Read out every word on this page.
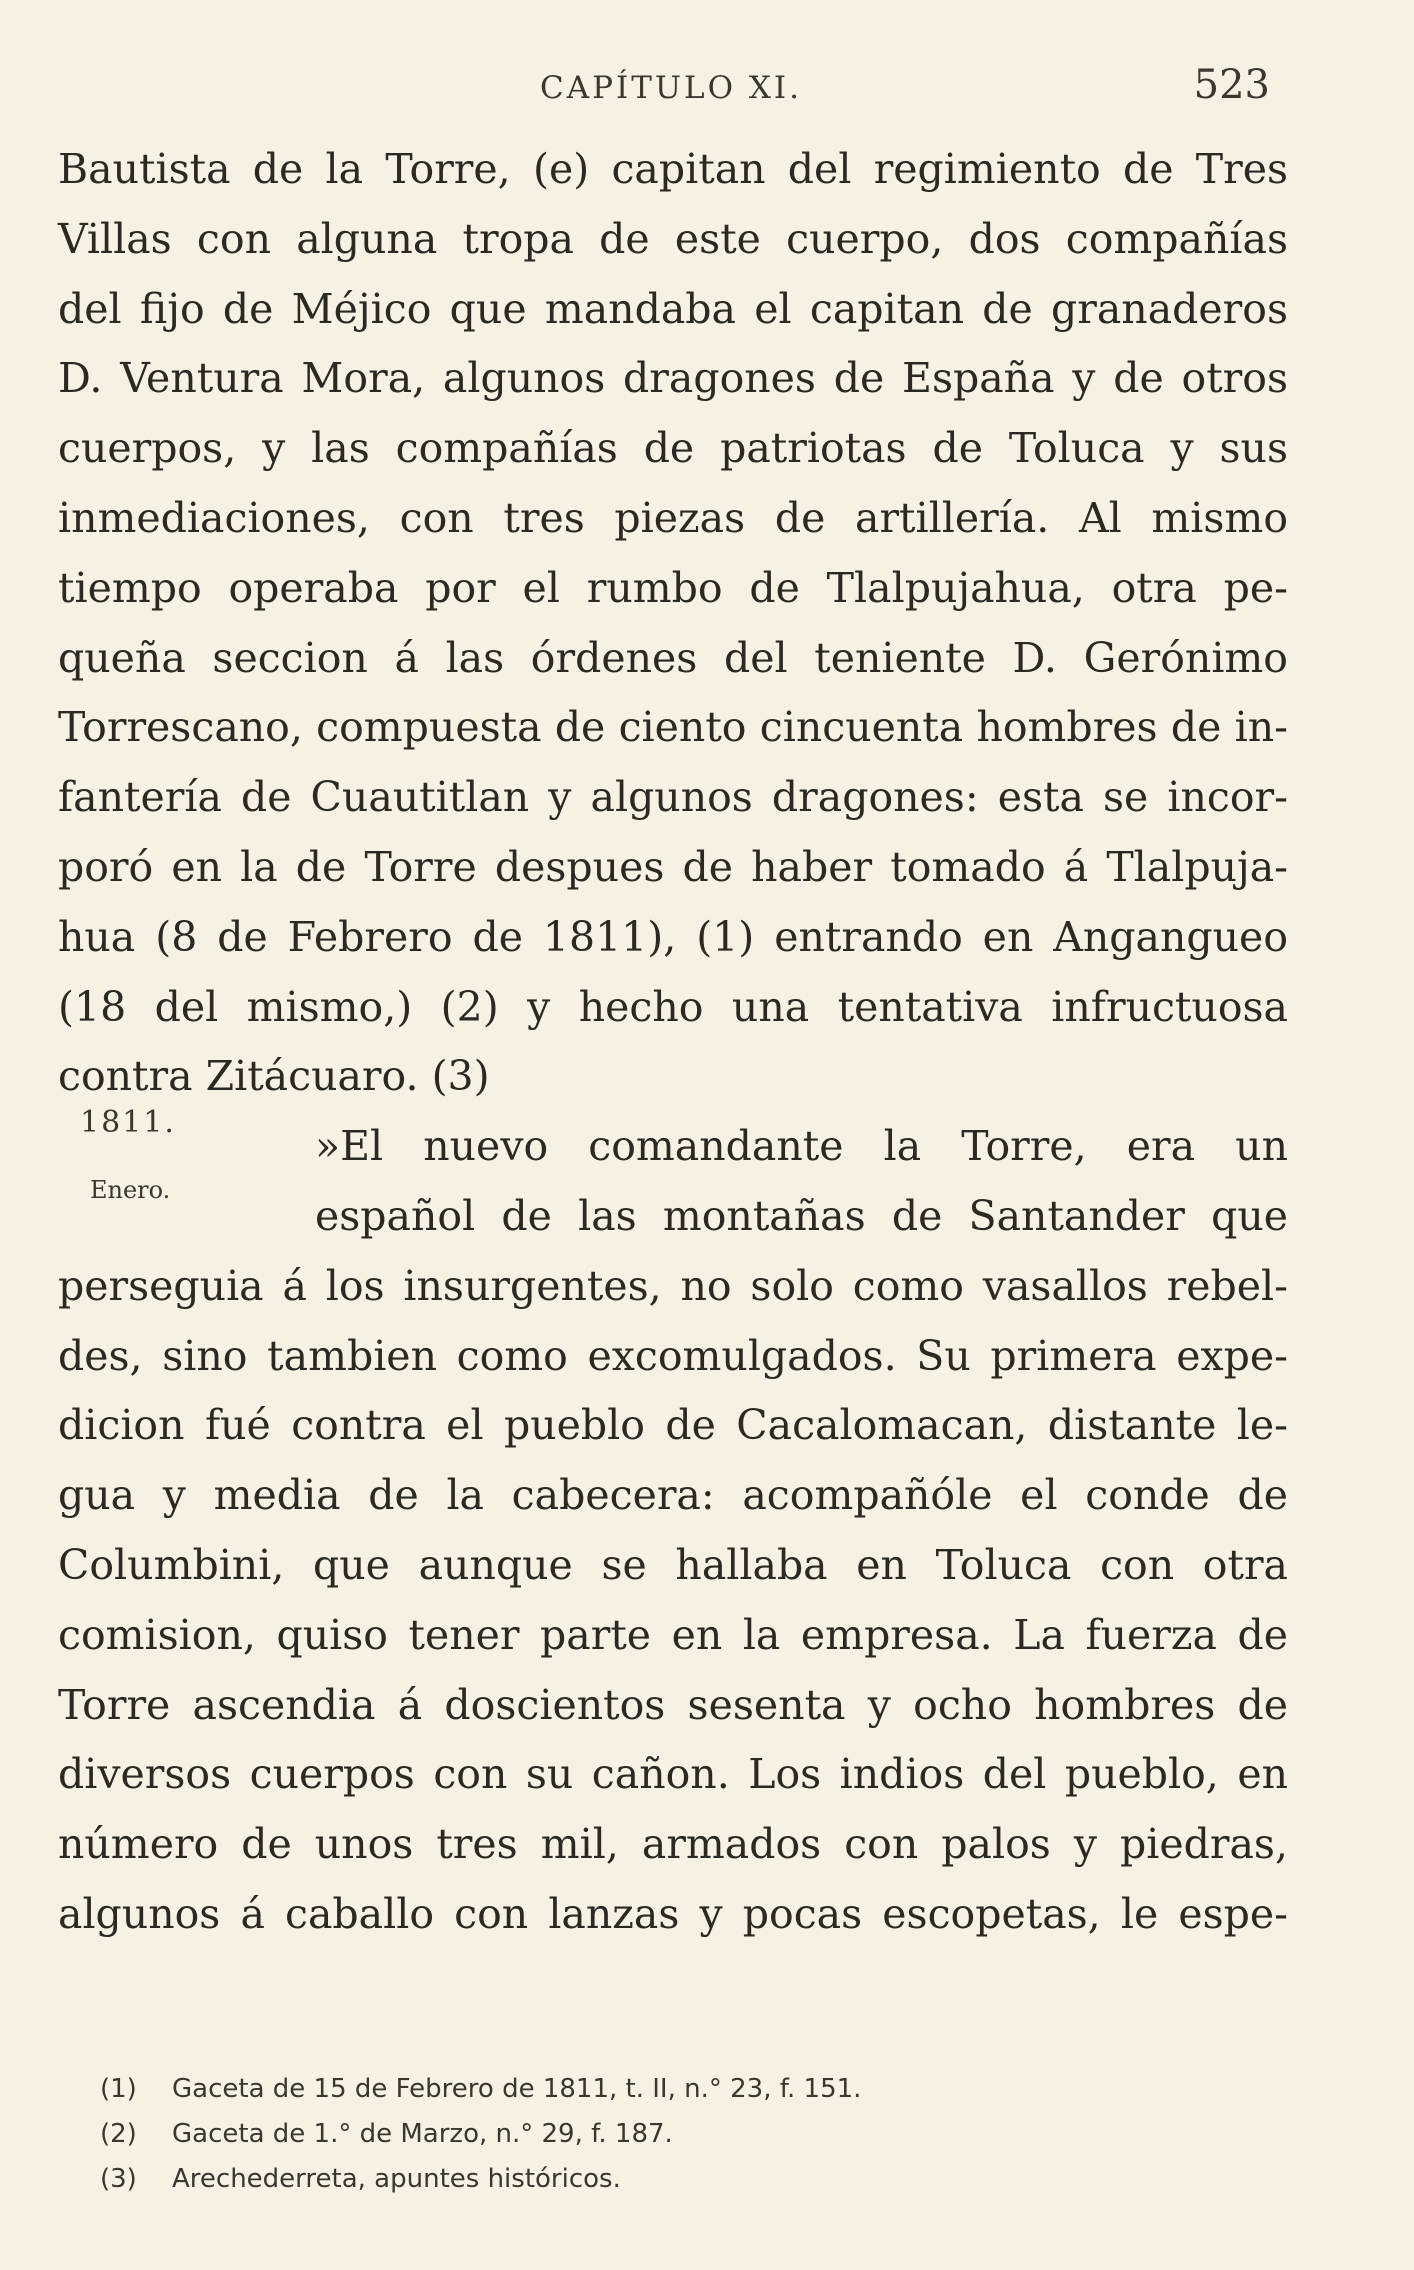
CAPÍTULO XI.	523
1811.
Enero.
Bautista de la Torre, (e) capitan del regimiento de Tres
Villas con alguna tropa de este cuerpo, dos compañías
del fijo de Méjico que mandaba el capitan de granaderos
D. Ventura Mora, algunos dragones de España y de otros
cuerpos, y las compañías de patriotas de Toluca y sus
inmediaciones, con tres piezas de artillería. Al mismo
tiempo operaba por el rumbo de Tlalpujahua, otra pe-
queña seccion á las órdenes del teniente D. Gerónimo
Torrescano, compuesta de ciento cincuenta hombres de in-
fantería de Cuautitlan y algunos dragones: esta se incor-
poró en la de Torre despues de haber tomado á Tlalpuja-
hua (8 de Febrero de 1811), (1) entrando en Angangueo
(18 del mismo,) (2) y hecho una tentativa infructuosa
contra Zitácuaro. (3)
»El nuevo comandante la Torre, era un
español de las montañas de Santander que
perseguia á los insurgentes, no solo como vasallos rebel-
des, sino tambien como excomulgados. Su primera expe-
dicion fué contra el pueblo de Cacalomacan, distante le-
gua y media de la cabecera: acompañóle el conde de
Columbini, que aunque se hallaba en Toluca con otra
comision, quiso tener parte en la empresa. La fuerza de
Torre ascendia á doscientos sesenta y ocho hombres de
diversos cuerpos con su cañon. Los indios del pueblo, en
número de unos tres mil, armados con palos y piedras,
algunos á caballo con lanzas y pocas escopetas, le espe-
(1) Gaceta de 15 de Febrero de 1811, t. II, n.° 23, f. 151.
(2) Gaceta de 1.° de Marzo, n.° 29, f. 187.
(3) Arechederreta, apuntes históricos.
